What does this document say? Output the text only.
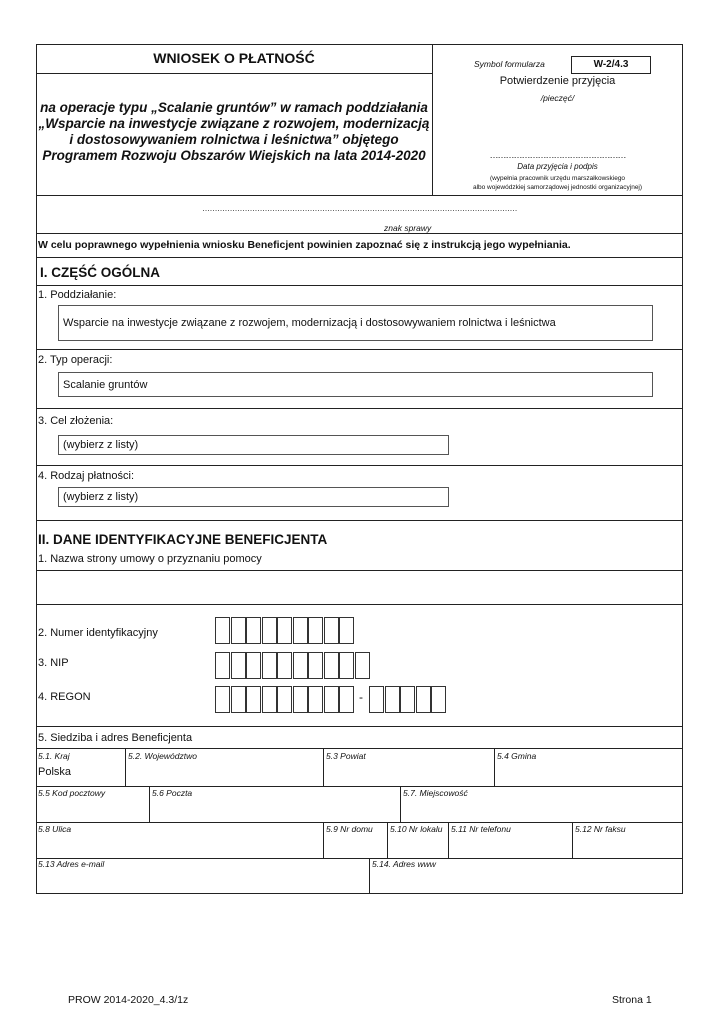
WNIOSEK O PŁATNOŚĆ
na operacje typu „Scalanie gruntów” w ramach poddziałania
„Wsparcie na inwestycje związane z rozwojem, modernizacją
i dostosowywaniem rolnictwa i leśnictwa” objętego
Programem Rozwoju Obszarów Wiejskich na lata 2014-2020
Symbol formularza	W-2/4.3
Potwierdzenie przyjęcia
/pieczęć/
……………………………………………
Data przyjęcia i podpis
(wypełnia pracownik urzędu marszałkowskiego
albo wojewódzkiej samorządowej jednostki organizacyjnej)
………………………………………………………………………………………………………………
znak sprawy
W celu poprawnego wypełnienia wniosku Beneficjent powinien zapoznać się z instrukcją jego wypełniania.
I. CZĘŚĆ OGÓLNA
1. Poddziałanie:
Wsparcie na inwestycje związane z rozwojem, modernizacją i dostosowywaniem rolnictwa i leśnictwa
2. Typ operacji:
Scalanie gruntów
3. Cel złożenia:
(wybierz z listy)
4. Rodzaj płatności:
(wybierz z listy)
II. DANE IDENTYFIKACYJNE BENEFICJENTA
1. Nazwa strony umowy o przyznaniu pomocy
2. Numer identyfikacyjny
3. NIP
4. REGON	-
5. Siedziba i adres Beneficjenta
5.1. Kraj
Polska
5.2. Województwo	5.3 Powiat	5.4 Gmina
5.5 Kod pocztowy	5.6 Poczta	5.7. Miejscowość
5.8 Ulica	5.9 Nr domu 5.10 Nr lokalu 5.11 Nr telefonu	5.12 Nr faksu
5.13 Adres e-mail	5.14. Adres www
PROW 2014-2020_4.3/1z	Strona 1
